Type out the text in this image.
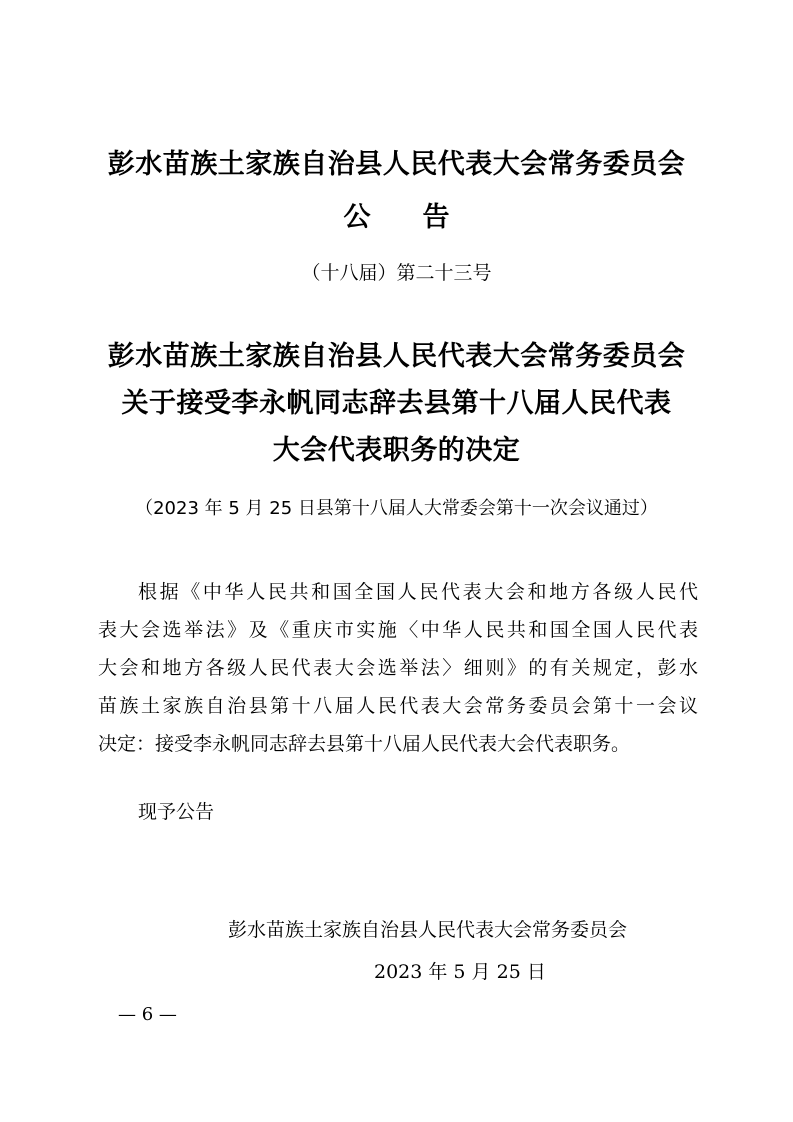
彭水苗族土家族自治县人民代表大会常务委员会
公告
（十八届）第二十三号
彭水苗族土家族自治县人民代表大会常务委员会
关于接受李永帆同志辞去县第十八届人民代表
大会代表职务的决定
（2023 年 5 月 25 日县第十八届人大常委会第十一次会议通过）
根据《中华人民共和国全国人民代表大会和地方各级人民代
表大会选举法》及《重庆市实施〈中华人民共和国全国人民代表
大会和地方各级人民代表大会选举法〉细则》的有关规定，彭水
苗族土家族自治县第十八届人民代表大会常务委员会第十一会议
决定：接受李永帆同志辞去县第十八届人民代表大会代表职务。
现予公告
彭水苗族土家族自治县人民代表大会常务委员会
2023 年 5 月 25 日
— 6 —
